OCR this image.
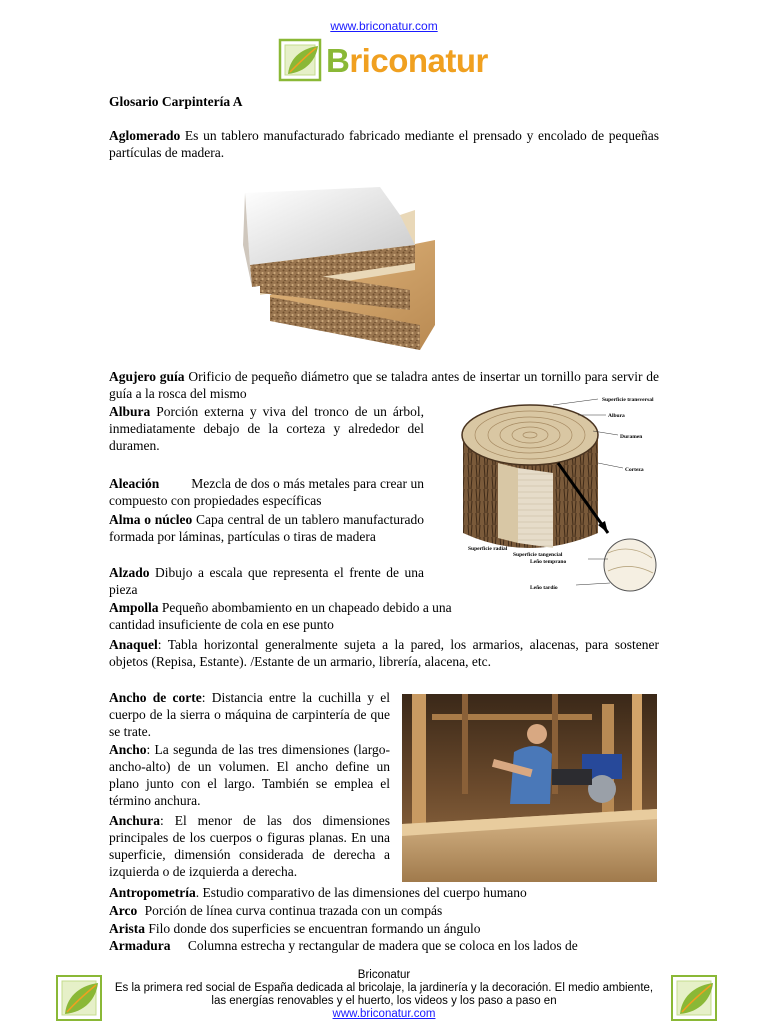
www.briconatur.com
Briconatur
Glosario Carpintería A
Aglomerado Es un tablero manufacturado fabricado mediante el prensado y encolado de pequeñas partículas de madera.
Agujero guía Orificio de pequeño diámetro que se taladra antes de insertar un tornillo para servir de guía a la rosca del mismo
Albura Porción externa y viva del tronco de un árbol, inmediatamente debajo de la corteza y alrededor del duramen.
Aleación Mezcla de dos o más metales para crear un compuesto con propiedades específicas
Alma o núcleo Capa central de un tablero manufacturado formada por láminas, partículas o tiras de madera
Alzado Dibujo a escala que representa el frente de una pieza
Ampolla Pequeño abombamiento en un chapeado debido a una cantidad insuficiente de cola en ese punto
Superficie transversal
Albura
Duramen
Corteza
Superficie radial
Superficie tangencial
Leño temprano
Leño tardío
Anaquel: Tabla horizontal generalmente sujeta a la pared, los armarios, alacenas, para sostener objetos (Repisa, Estante). /Estante de un armario, librería, alacena, etc.
Ancho de corte: Distancia entre la cuchilla y el cuerpo de la sierra o máquina de carpintería de que se trate.
Ancho: La segunda de las tres dimensiones (largo-ancho-alto) de un volumen. El ancho define un plano junto con el largo. También se emplea el término anchura.
Anchura: El menor de las dos dimensiones principales de los cuerpos o figuras planas. En una superficie, dimensión considerada de derecha a izquierda o de izquierda a derecha.
Antropometría. Estudio comparativo de las dimensiones del cuerpo humano
Arco Porción de línea curva continua trazada con un compás
Arista Filo donde dos superficies se encuentran formando un ángulo
Armadura Columna estrecha y rectangular de madera que se coloca en los lados de
Briconatur
Es la primera red social de España dedicada al bricolaje, la jardinería y la decoración. El medio ambiente,
las energías renovables y el huerto, los videos y los paso a paso en
www.briconatur.com
